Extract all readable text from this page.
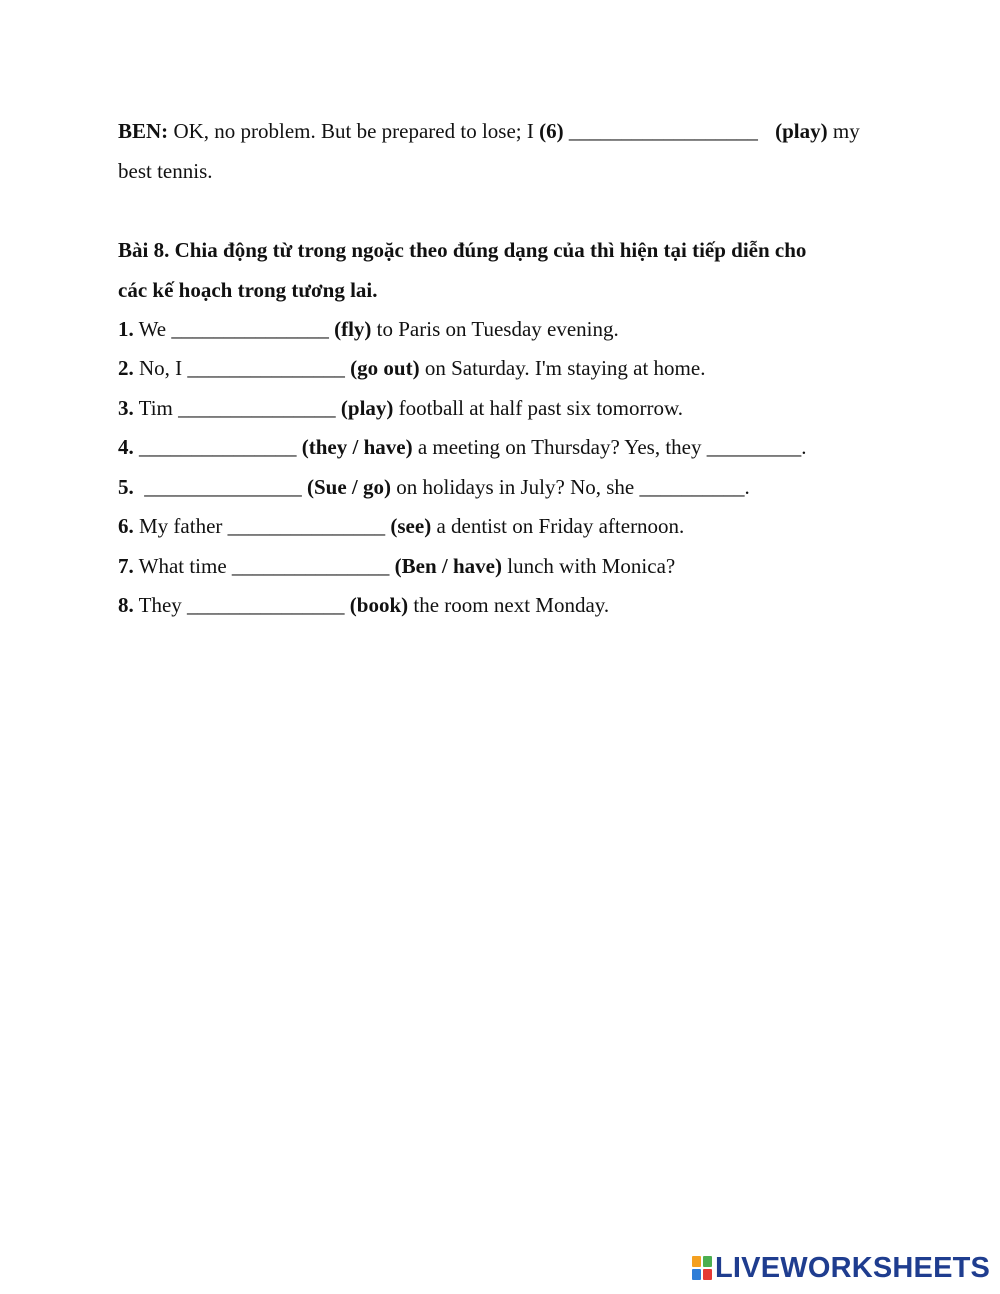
BEN: OK, no problem. But be prepared to lose; I (6) __________________ (play) my
best tennis.
Bài 8. Chia động từ trong ngoặc theo đúng dạng của thì hiện tại tiếp diễn cho
các kế hoạch trong tương lai.
1. We _______________ (fly) to Paris on Tuesday evening.
2. No, I _______________ (go out) on Saturday. I'm staying at home.
3. Tim _______________ (play) football at half past six tomorrow.
4. _______________ (they / have) a meeting on Thursday? Yes, they _________.
5. _______________ (Sue / go) on holidays in July? No, she __________.
6. My father _______________ (see) a dentist on Friday afternoon.
7. What time _______________ (Ben / have) lunch with Monica?
8. They _______________ (book) the room next Monday.
LIVEWORKSHEETS
